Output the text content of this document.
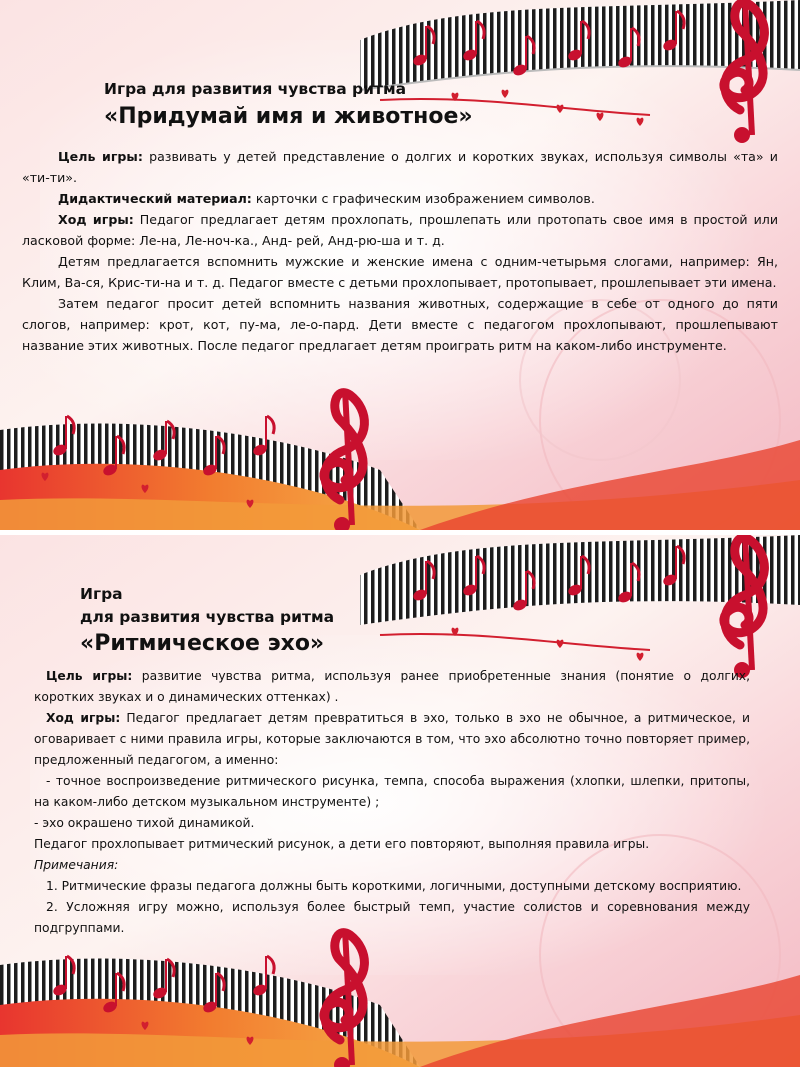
Игра для развития чувства ритма
«Придумай имя и животное»

Цель игры: развивать у детей представление о долгих и коротких звуках, используя символы «та» и «ти-ти».

Дидактический материал: карточки с графическим изображением символов.

Ход игры: Педагог предлагает детям прохлопать, прошлепать или протопать свое имя в простой или ласковой форме: Ле-на, Ле-ноч-ка., Анд- рей, Анд-рю-ша и т. д.

Детям предлагается вспомнить мужские и женские имена с одним-четырьмя слогами, например: Ян, Клим, Ва-ся, Крис-ти-на и т. д. Педагог вместе с детьми прохлопывает, протопывает, прошлепывает эти имена.

Затем педагог просит детей вспомнить названия животных, содержащие в себе от одного до пяти слогов, например: крот, кот, пу-ма, ле-о-пард. Дети вместе с педагогом прохлопывают, прошлепывают название этих животных. После педагог предлагает детям проиграть ритм на каком-либо инструменте.

Игра
для развития чувства ритма
«Ритмическое эхо»

Цель игры: развитие чувства ритма, используя ранее приобретенные знания (понятие о долгих, коротких звуках и о динамических оттенках) .

Ход игры: Педагог предлагает детям превратиться в эхо, только в эхо не обычное, а ритмическое, и оговаривает с ними правила игры, которые заключаются в том, что эхо абсолютно точно повторяет пример, предложенный педагогом, а именно:

- точное воспроизведение ритмического рисунка, темпа, способа выражения (хлопки, шлепки, притопы, на каком-либо детском музыкальном инструменте) ;

- эхо окрашено тихой динамикой.

Педагог прохлопывает ритмический рисунок, а дети его повторяют, выполняя правила игры.

Примечания:

1. Ритмические фразы педагога должны быть короткими, логичными, доступными детскому восприятию.

2. Усложняя игру можно, используя более быстрый темп, участие солистов и соревнования между подгруппами.
